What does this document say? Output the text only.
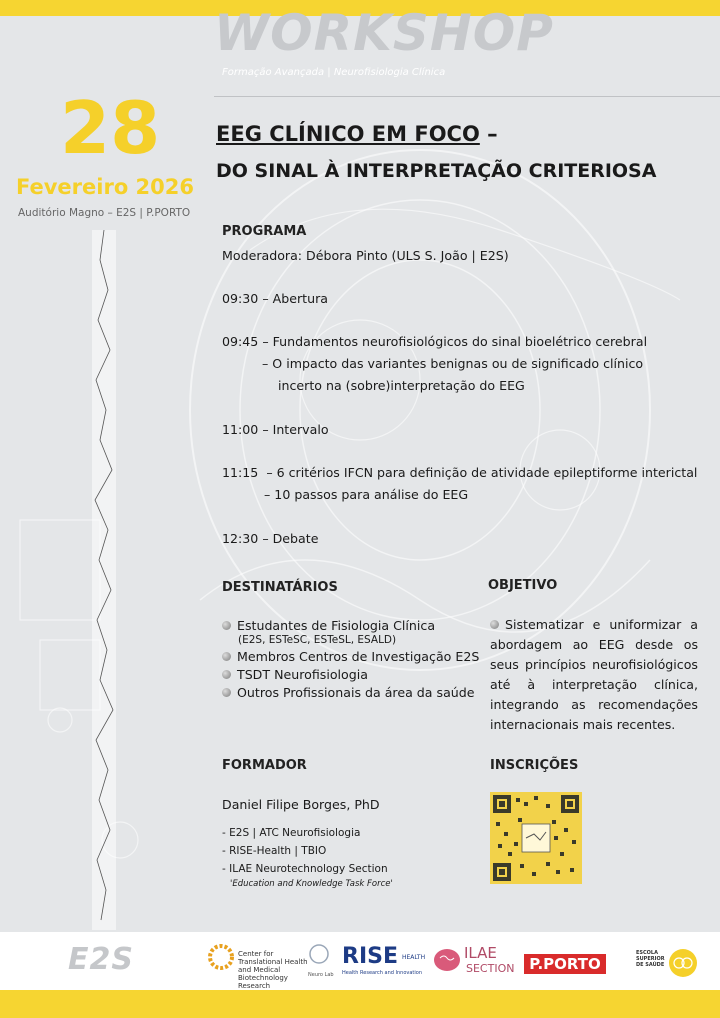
WORKSHOP
Formação Avançada | Neurofisiologia Clínica
28
Fevereiro 2026
Auditório Magno – E2S | P.PORTO
EEG CLÍNICO EM FOCO –
DO SINAL À INTERPRETAÇÃO CRITERIOSA
PROGRAMA
Moderadora: Débora Pinto (ULS S. João | E2S)
09:30 – Abertura
09:45 – Fundamentos neurofisiológicos do sinal bioelétrico cerebral
– O impacto das variantes benignas ou de significado clínico
incerto na (sobre)interpretação do EEG
11:00 – Intervalo
11:15 – 6 critérios IFCN para definição de atividade epileptiforme interictal
– 10 passos para análise do EEG
12:30 – Debate
DESTINATÁRIOS
Estudantes de Fisiologia Clínica
(E2S, ESTeSC, ESTeSL, ESALD)
Membros Centros de Investigação E2S
TSDT Neurofisiologia
Outros Profissionais da área da saúde
OBJETIVO
Sistematizar e uniformizar a abordagem ao EEG desde os seus princípios neurofisiológicos até à interpretação clínica, integrando as recomendações internacionais mais recentes.
FORMADOR
Daniel Filipe Borges, PhD
- E2S | ATC Neurofisiologia
- RISE-Health | TBIO
- ILAE Neurotechnology Section
'Education and Knowledge Task Force'
INSCRIÇÕES
E2S	Center for Translational Health and Medical Biotechnology Research
Neuro Lab
RISE HEALTH
Health Research and Innovation
ILAE
SECTION P.PORTO
ESCOLA SUPERIOR DE SAÚDE
